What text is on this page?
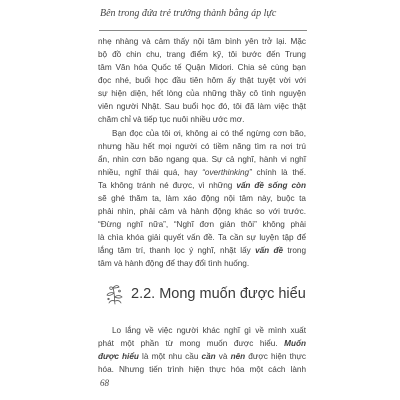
Bên trong đứa trẻ trưởng thành bằng áp lực
nhẹ nhàng và cảm thấy nội tâm bình yên trở lại. Mặc
bộ đồ chin chu, trang điểm kỹ, tôi bước đến Trung
tâm Văn hóa Quốc tế Quận Midori. Chia sẻ cùng bạn
đọc nhé, buổi học đầu tiên hôm ấy thật tuyệt vời với
sự hiện diện, hết lòng của những thầy cô tình nguyện
viên người Nhật. Sau buổi học đó, tôi đã làm việc thật
chăm chỉ và tiếp tục nuôi nhiều ước mơ.
Bạn đọc của tôi ơi, không ai có thể ngừng cơn bão,
nhưng hầu hết mọi người có tiềm năng tìm ra nơi trú
ẩn, nhìn cơn bão ngang qua. Sự cả nghĩ, hành vi nghĩ
nhiều, nghĩ thái quá, hay “overthinking” chính là thế.
Ta không tránh né được, vì những vấn đề sống còn
sẽ ghé thăm ta, làm xáo động nội tâm này, buộc ta
phải nhìn, phải cảm và hành động khác so với trước.
“Đừng nghĩ nữa”, “Nghĩ đơn giản thôi” không phải
là chìa khóa giải quyết vấn đề. Ta cần sự luyện tập để
lắng tâm trí, thanh lọc ý nghĩ, nhặt lấy vấn đề trong
tâm và hành động để thay đổi tình huống.
2.2. Mong muốn được hiểu
Lo lắng về việc người khác nghĩ gì về mình xuất
phát một phần từ mong muốn được hiểu. Muốn
được hiểu là một nhu cầu cần và nên được hiện thực
hóa. Nhưng tiến trình hiện thực hóa một cách lành
68
